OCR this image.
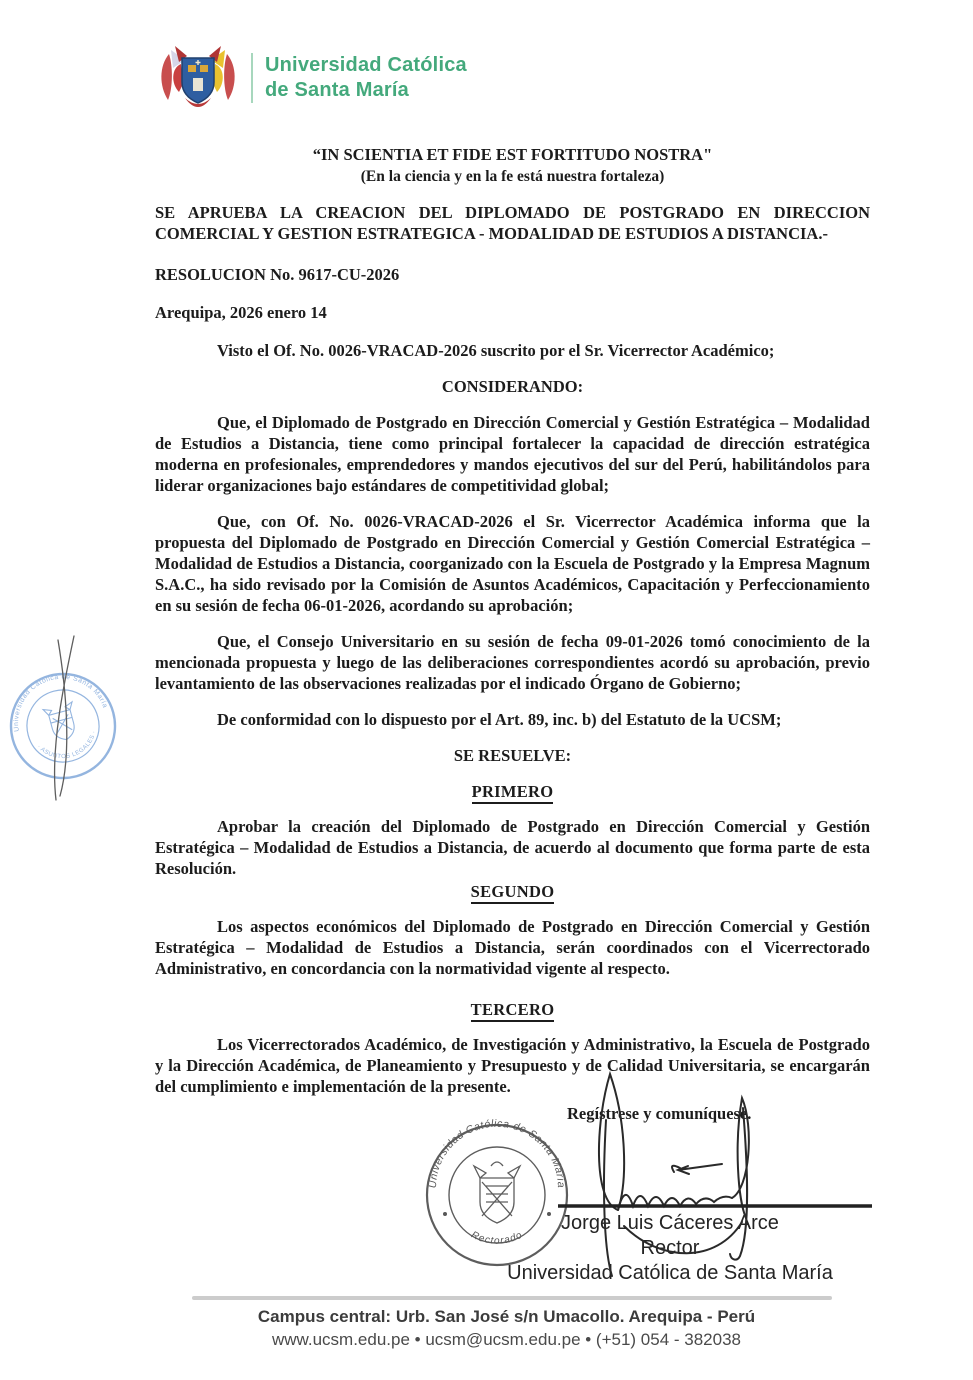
Universidad Católica
de Santa María
“IN SCIENTIA ET FIDE EST FORTITUDO NOSTRA"
(En la ciencia y en la fe está nuestra fortaleza)
SE APRUEBA LA CREACION DEL DIPLOMADO DE POSTGRADO EN DIRECCION COMERCIAL Y GESTION ESTRATEGICA - MODALIDAD DE ESTUDIOS A DISTANCIA.-
RESOLUCION No. 9617-CU-2026
Arequipa, 2026 enero 14
Visto el Of. No. 0026-VRACAD-2026 suscrito por el Sr. Vicerrector Académico;
CONSIDERANDO:
Que, el Diplomado de Postgrado en Dirección Comercial y Gestión Estratégica – Modalidad de Estudios a Distancia, tiene como principal fortalecer la capacidad de dirección estratégica moderna en profesionales, emprendedores y mandos ejecutivos del sur del Perú, habilitándolos para liderar organizaciones bajo estándares de competitividad global;
Que, con Of. No. 0026-VRACAD-2026 el Sr. Vicerrector Académica informa que la propuesta del Diplomado de Postgrado en Dirección Comercial y Gestión Comercial Estratégica – Modalidad de Estudios a Distancia, coorganizado con la Escuela de Postgrado y la Empresa Magnum S.A.C., ha sido revisado por la Comisión de Asuntos Académicos, Capacitación y Perfeccionamiento en su sesión de fecha 06-01-2026, acordando su aprobación;
Que, el Consejo Universitario en su sesión de fecha 09-01-2026 tomó conocimiento de la mencionada propuesta y luego de las deliberaciones correspondientes acordó su aprobación, previo levantamiento de las observaciones realizadas por el indicado Órgano de Gobierno;
De conformidad con lo dispuesto por el Art. 89, inc. b) del Estatuto de la UCSM;
SE RESUELVE:
PRIMERO
Aprobar la creación del Diplomado de Postgrado en Dirección Comercial y Gestión Estratégica – Modalidad de Estudios a Distancia, de acuerdo al documento que forma parte de esta Resolución.
SEGUNDO
Los aspectos económicos del Diplomado de Postgrado en Dirección Comercial y Gestión Estratégica – Modalidad de Estudios a Distancia, serán coordinados con el Vicerrectorado Administrativo, en concordancia con la normatividad vigente al respecto.
TERCERO
Los Vicerrectorados Académico, de Investigación y Administrativo, la Escuela de Postgrado y la Dirección Académica, de Planeamiento y Presupuesto y de Calidad Universitaria, se encargarán del cumplimiento e implementación de la presente.
Regístrese y comuníquese.
Universidad Católica de Santa María
· ASUNTOS LEGALES ·
Universidad Católica de Santa María
Rectorado
Jorge Luis Cáceres Arce
Rector
Universidad Católica de Santa María
Campus central: Urb. San José s/n Umacollo. Arequipa - Perú
www.ucsm.edu.pe • ucsm@ucsm.edu.pe • (+51) 054 - 382038
